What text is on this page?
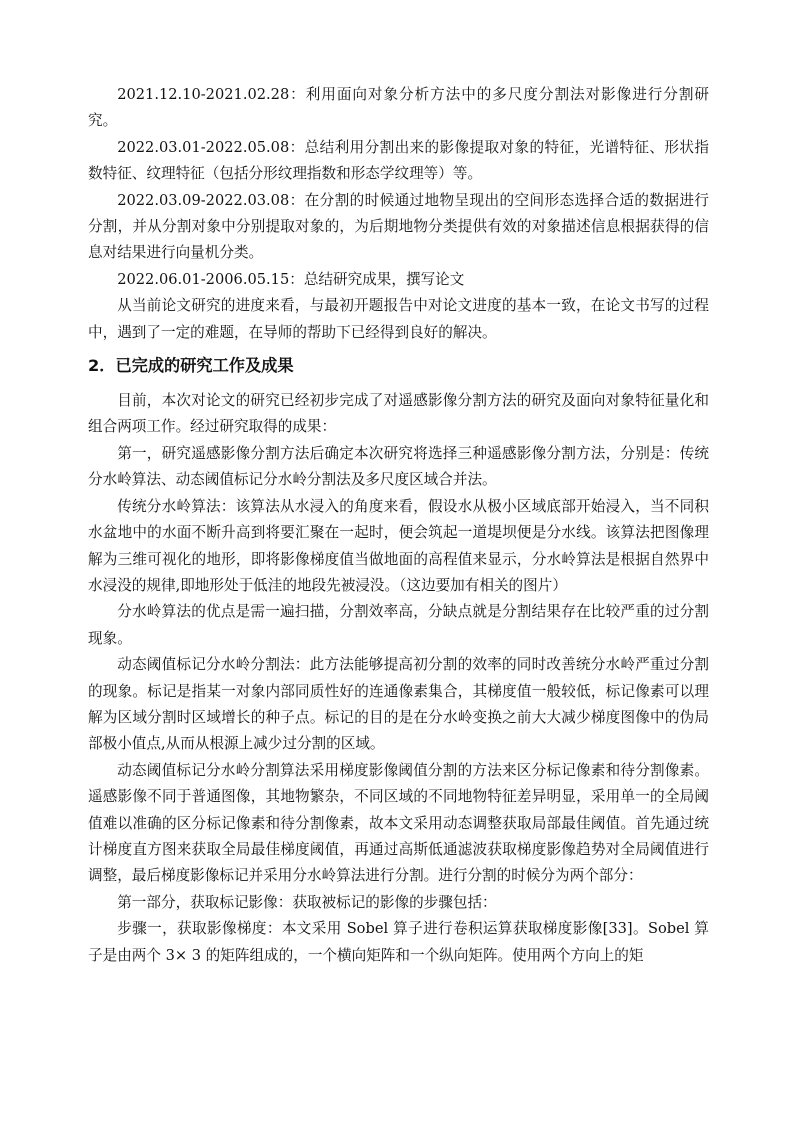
2021.12.10-2021.02.28：利用面向对象分析方法中的多尺度分割法对影像进行分割研究。

2022.03.01-2022.05.08：总结利用分割出来的影像提取对象的特征，光谱特征、形状指数特征、纹理特征（包括分形纹理指数和形态学纹理等）等。

2022.03.09-2022.03.08：在分割的时候通过地物呈现出的空间形态选择合适的数据进行分割，并从分割对象中分别提取对象的，为后期地物分类提供有效的对象描述信息根据获得的信息对结果进行向量机分类。

2022.06.01-2006.05.15：总结研究成果，撰写论文

从当前论文研究的进度来看，与最初开题报告中对论文进度的基本一致，在论文书写的过程中，遇到了一定的难题，在导师的帮助下已经得到良好的解决。

2．已完成的研究工作及成果

目前，本次对论文的研究已经初步完成了对遥感影像分割方法的研究及面向对象特征量化和组合两项工作。经过研究取得的成果：

第一，研究遥感影像分割方法后确定本次研究将选择三种遥感影像分割方法，分别是：传统分水岭算法、动态阈值标记分水岭分割法及多尺度区域合并法。

传统分水岭算法：该算法从水浸入的角度来看，假设水从极小区域底部开始浸入，当不同积水盆地中的水面不断升高到将要汇聚在一起时，便会筑起一道堤坝便是分水线。该算法把图像理解为三维可视化的地形，即将影像梯度值当做地面的高程值来显示，分水岭算法是根据自然界中水浸没的规律,即地形处于低洼的地段先被浸没。（这边要加有相关的图片）

分水岭算法的优点是需一遍扫描，分割效率高，分缺点就是分割结果存在比较严重的过分割现象。

动态阈值标记分水岭分割法：此方法能够提高初分割的效率的同时改善统分水岭严重过分割的现象。标记是指某一对象内部同质性好的连通像素集合，其梯度值一般较低，标记像素可以理解为区域分割时区域增长的种子点。标记的目的是在分水岭变换之前大大减少梯度图像中的伪局部极小值点,从而从根源上减少过分割的区域。

动态阈值标记分水岭分割算法采用梯度影像阈值分割的方法来区分标记像素和待分割像素。遥感影像不同于普通图像，其地物繁杂，不同区域的不同地物特征差异明显，采用单一的全局阈值难以准确的区分标记像素和待分割像素，故本文采用动态调整获取局部最佳阈值。首先通过统计梯度直方图来获取全局最佳梯度阈值，再通过高斯低通滤波获取梯度影像趋势对全局阈值进行调整，最后梯度影像标记并采用分水岭算法进行分割。进行分割的时候分为两个部分：

第一部分，获取标记影像：获取被标记的影像的步骤包括：

步骤一，获取影像梯度：本文采用 Sobel 算子进行卷积运算获取梯度影像[33]。Sobel 算子是由两个 3× 3 的矩阵组成的，一个横向矩阵和一个纵向矩阵。使用两个方向上的矩
